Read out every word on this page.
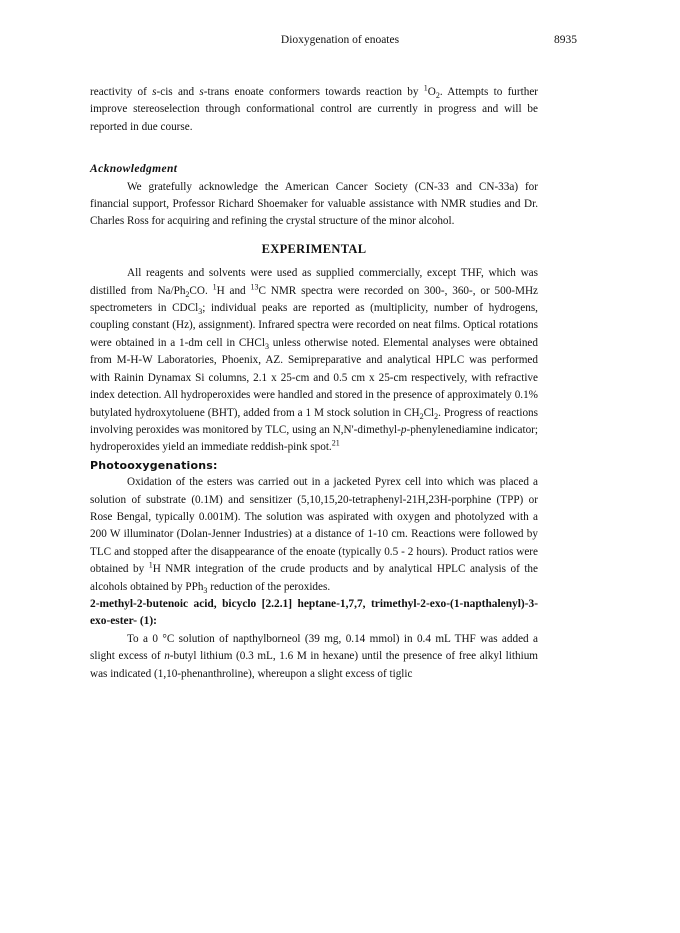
Dioxygenation of enoates	8935

reactivity of s-cis and s-trans enoate conformers towards reaction by $^1O_2$. Attempts to further improve stereoselection through conformational control are currently in progress and will be reported in due course.

Acknowledgment

We gratefully acknowledge the American Cancer Society (CN-33 and CN-33a) for financial support, Professor Richard Shoemaker for valuable assistance with NMR studies and Dr. Charles Ross for acquiring and refining the crystal structure of the minor alcohol.

EXPERIMENTAL

All reagents and solvents were used as supplied commercially, except THF, which was distilled from $Na/Ph_2CO$. $^1$H and $^{13}$C NMR spectra were recorded on 300-, 360-, or 500-MHz spectrometers in CDCl$_3$; individual peaks are reported as (multiplicity, number of hydrogens, coupling constant (Hz), assignment). Infrared spectra were recorded on neat films. Optical rotations were obtained in a 1-dm cell in CHCl$_3$ unless otherwise noted. Elemental analyses were obtained from M-H-W Laboratories, Phoenix, AZ. Semipreparative and analytical HPLC was performed with Rainin Dynamax Si columns, 2.1 x 25-cm and 0.5 cm x 25-cm respectively, with refractive index detection. All hydroperoxides were handled and stored in the presence of approximately 0.1% butylated hydroxytoluene (BHT), added from a 1 M stock solution in $CH_2Cl_2$. Progress of reactions involving peroxides was monitored by TLC, using an N,N'-dimethyl-p-phenylenediamine indicator; hydroperoxides yield an immediate reddish-pink spot.$^{21}$

Photooxygenations:

Oxidation of the esters was carried out in a jacketed Pyrex cell into which was placed a solution of substrate (0.1M) and sensitizer (5,10,15,20-tetraphenyl-21H,23H-porphine (TPP) or Rose Bengal, typically 0.001M). The solution was aspirated with oxygen and photolyzed with a 200 W illuminator (Dolan-Jenner Industries) at a distance of 1-10 cm. Reactions were followed by TLC and stopped after the disappearance of the enoate (typically 0.5 - 2 hours). Product ratios were obtained by $^1$H NMR integration of the crude products and by analytical HPLC analysis of the alcohols obtained by PPh$_3$ reduction of the peroxides.

2-methyl-2-butenoic acid, bicyclo [2.2.1] heptane-1,7,7, trimethyl-2-exo-(1-napthalenyl)-3-exo-ester- (1):

To a 0 °C solution of napthylborneol (39 mg, 0.14 mmol) in 0.4 mL THF was added a slight excess of n-butyl lithium (0.3 mL, 1.6 M in hexane) until the presence of free alkyl lithium was indicated (1,10-phenanthroline), whereupon a slight excess of tiglic
